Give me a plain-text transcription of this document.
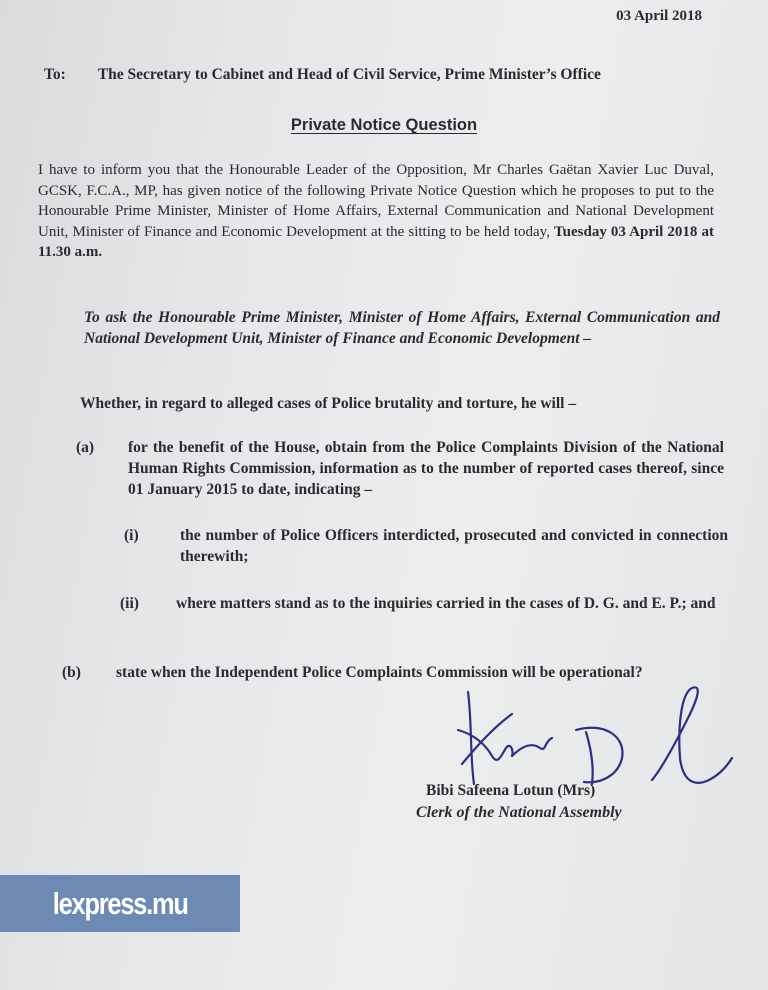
03 April 2018
To: The Secretary to Cabinet and Head of Civil Service, Prime Minister’s Office
Private Notice Question
I have to inform you that the Honourable Leader of the Opposition, Mr Charles Gaëtan Xavier Luc Duval, GCSK, F.C.A., MP, has given notice of the following Private Notice Question which he proposes to put to the Honourable Prime Minister, Minister of Home Affairs, External Communication and National Development Unit, Minister of Finance and Economic Development at the sitting to be held today, Tuesday 03 April 2018 at 11.30 a.m.
To ask the Honourable Prime Minister, Minister of Home Affairs, External Communication and National Development Unit, Minister of Finance and Economic Development –
Whether, in regard to alleged cases of Police brutality and torture, he will –
(a) for the benefit of the House, obtain from the Police Complaints Division of the National Human Rights Commission, information as to the number of reported cases thereof, since 01 January 2015 to date, indicating –
(i)	the number of Police Officers interdicted, prosecuted and convicted in connection therewith;
(ii) where matters stand as to the inquiries carried in the cases of D. G. and E. P.; and
(b) state when the Independent Police Complaints Commission will be operational?
Bibi Safeena Lotun (Mrs)
Clerk of the National Assembly
lexpress.mu
